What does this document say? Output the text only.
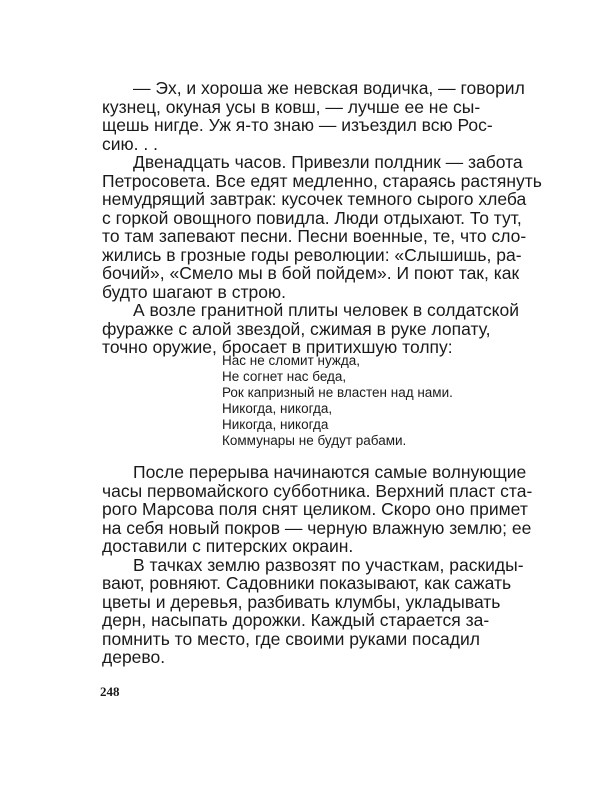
— Эх, и хороша же невская водичка, — говорил

кузнец, окуная усы в ковш, — лучше ее не сы-

щешь нигде. Уж я-то знаю — изъездил всю Рос-

сию. . .

Двенадцать часов. Привезли полдник — забота

Петросовета. Все едят медленно, стараясь растянуть

немудрящий завтрак: кусочек темного сырого хлеба

с горкой овощного повидла. Люди отдыхают. То тут,

то там запевают песни. Песни военные, те, что сло-

жились в грозные годы революции: «Слышишь, ра-

бочий», «Смело мы в бой пойдем». И поют так, как

будто шагают в строю.

А возле гранитной плиты человек в солдатской

фуражке с алой звездой, сжимая в руке лопату,

точно оружие, бросает в притихшую толпу:

Нас не сломит нужда,

Не согнет нас беда,

Рок капризный не властен над нами.

Никогда, никогда,

Никогда, никогда

Коммунары не будут рабами.

После перерыва начинаются самые волнующие

часы первомайского субботника. Верхний пласт ста-

рого Марсова поля снят целиком. Скоро оно примет

на себя новый покров — черную влажную землю; ее

доставили с питерских окраин.

В тачках землю развозят по участкам, раскиды-

вают, ровняют. Садовники показывают, как сажать

цветы и деревья, разбивать клумбы, укладывать

дерн, насыпать дорожки. Каждый старается за-

помнить то место, где своими руками посадил

дерево.

248
